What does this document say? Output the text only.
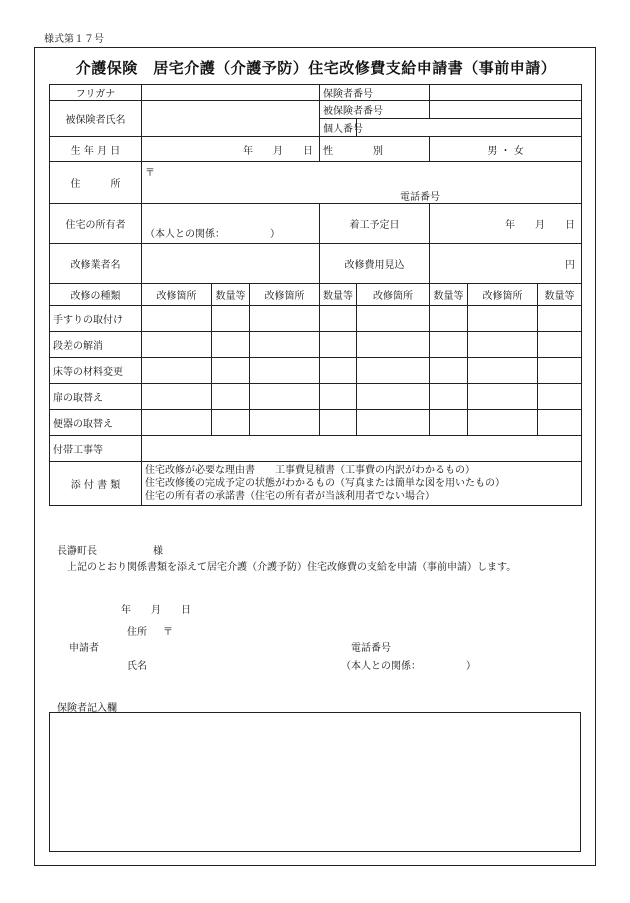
様式第１７号
介護保険　居宅介護（介護予防）住宅改修費支給申請書（事前申請）
フリガナ		保険者番号	

被保険者氏名		被保険者番号	

個人番号	

生 年 月 日	年　　月　　日	性　　　　別	男 ・ 女
住　　　所	
〒
電話番号

住宅の所有者	（本人との関係：　　　　　）	着工予定日	年　　月　　日
改修業者名		改修費用見込	円
改修の種類	改修箇所	数量等	改修箇所	数量等	改修箇所	数量等	改修箇所	数量等
手すりの取付け								
段差の解消								
床等の材料変更								
扉の取替え								
便器の取替え								
付帯工事等	
添 付 書 類	
住宅改修が必要な理由書　　工事費見積書（工事費の内訳がわかるもの）
住宅改修後の完成予定の状態がわかるもの（写真または簡単な図を用いたもの）
住宅の所有者の承諾書（住宅の所有者が当該利用者でない場合）
長瀞町長	様
上記のとおり関係書類を添えて居宅介護（介護予防）住宅改修費の支給を申請（事前申請）します。
年　　月　　日
住所 〒
申請者	電話番号
氏名	（本人との関係：　　　　　）
保険者記入欄
